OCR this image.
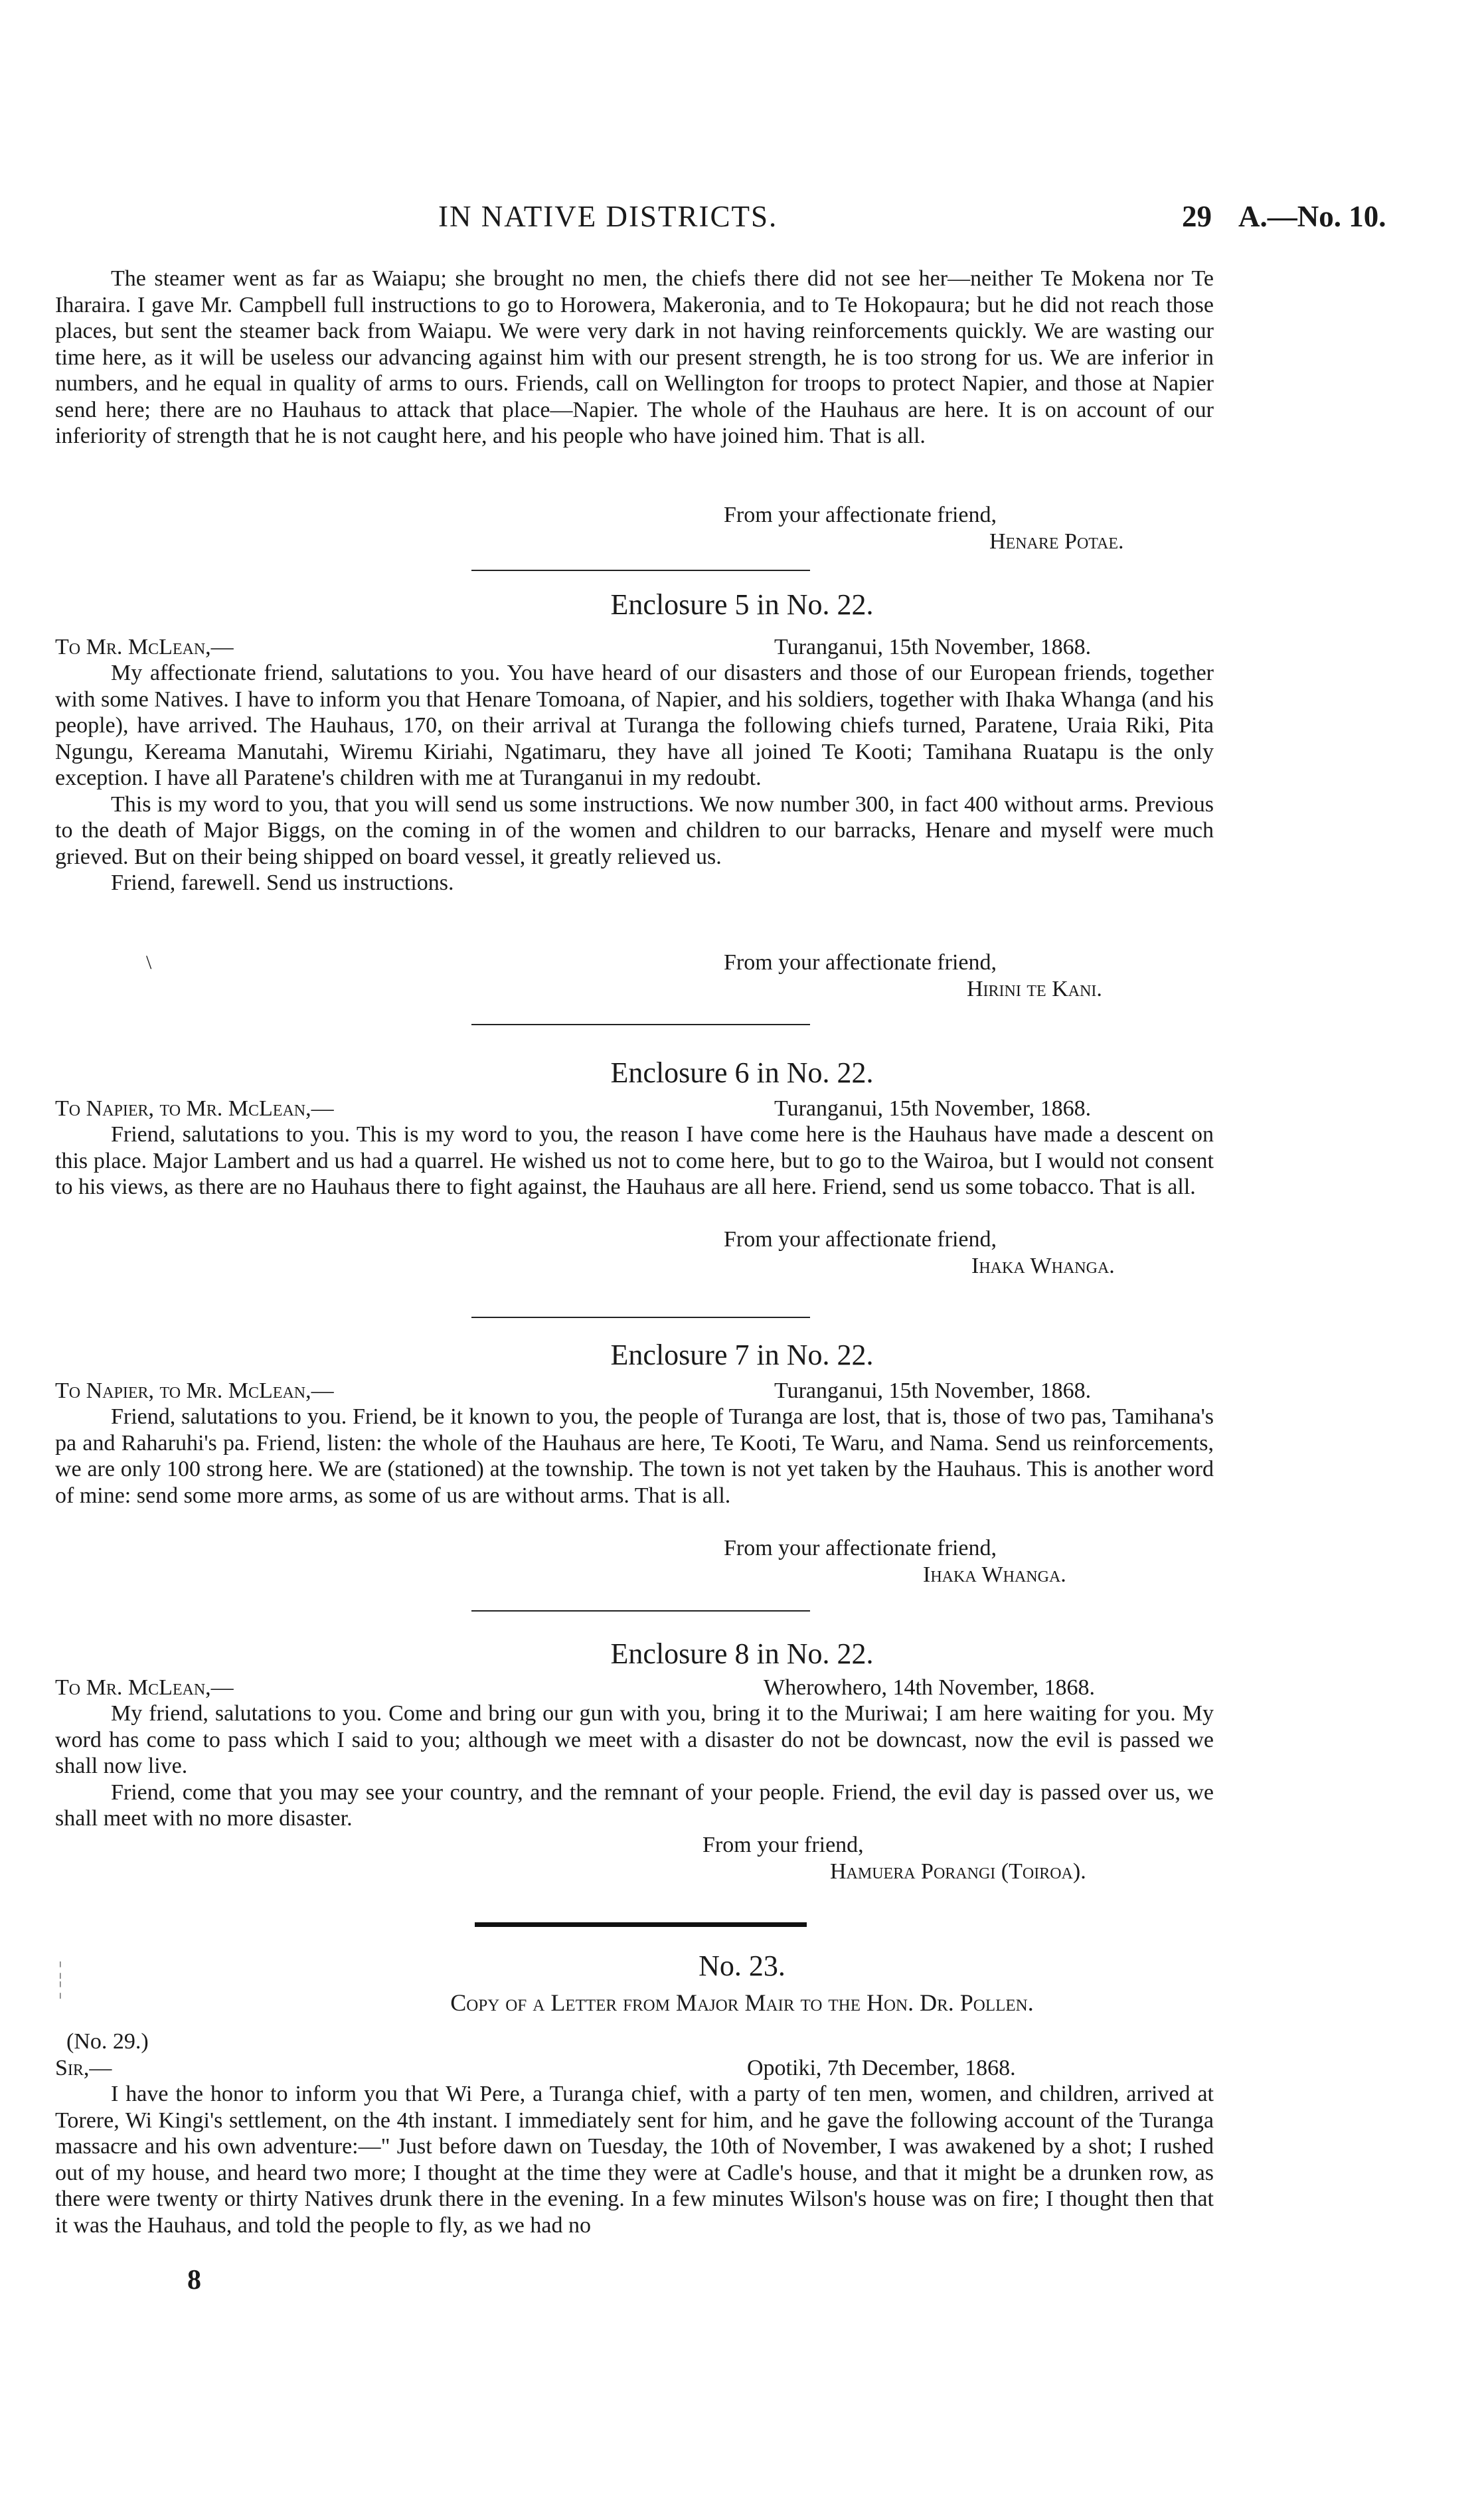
IN NATIVE DISTRICTS.	29 A.—No. 10.

The steamer went as far as Waiapu; she brought no men, the chiefs there did not see her—neither Te Mokena nor Te Iharaira. I gave Mr. Campbell full instructions to go to Horowera, Makeronia, and to Te Hokopaura; but he did not reach those places, but sent the steamer back from Waiapu. We were very dark in not having reinforcements quickly. We are wasting our time here, as it will be useless our advancing against him with our present strength, he is too strong for us. We are inferior in numbers, and he equal in quality of arms to ours. Friends, call on Wellington for troops to protect Napier, and those at Napier send here; there are no Hauhaus to attack that place—Napier. The whole of the Hauhaus are here. It is on account of our inferiority of strength that he is not caught here, and his people who have joined him. That is all.

From your affectionate friend,
Henare Potae.
Enclosure 5 in No. 22.
To Mr. McLean,—	Turanganui, 15th November, 1868.

My affectionate friend, salutations to you. You have heard of our disasters and those of our European friends, together with some Natives. I have to inform you that Henare Tomoana, of Napier, and his soldiers, together with Ihaka Whanga (and his people), have arrived. The Hauhaus, 170, on their arrival at Turanga the following chiefs turned, Paratene, Uraia Riki, Pita Ngungu, Kereama Manutahi, Wiremu Kiriahi, Ngatimaru, they have all joined Te Kooti; Tamihana Ruatapu is the only exception. I have all Paratene's children with me at Turanganui in my redoubt.

This is my word to you, that you will send us some instructions. We now number 300, in fact 400 without arms. Previous to the death of Major Biggs, on the coming in of the women and children to our barracks, Henare and myself were much grieved. But on their being shipped on board vessel, it greatly relieved us.

Friend, farewell. Send us instructions.

\	From your affectionate friend,
Hirini te Kani.
Enclosure 6 in No. 22.
To Napier, to Mr. McLean,—	Turanganui, 15th November, 1868.

Friend, salutations to you. This is my word to you, the reason I have come here is the Hauhaus have made a descent on this place. Major Lambert and us had a quarrel. He wished us not to come here, but to go to the Wairoa, but I would not consent to his views, as there are no Hauhaus there to fight against, the Hauhaus are all here. Friend, send us some tobacco. That is all.

From your affectionate friend,
Ihaka Whanga.
Enclosure 7 in No. 22.
To Napier, to Mr. McLean,—	Turanganui, 15th November, 1868.

Friend, salutations to you. Friend, be it known to you, the people of Turanga are lost, that is, those of two pas, Tamihana's pa and Raharuhi's pa. Friend, listen: the whole of the Hauhaus are here, Te Kooti, Te Waru, and Nama. Send us reinforcements, we are only 100 strong here. We are (stationed) at the township. The town is not yet taken by the Hauhaus. This is another word of mine: send some more arms, as some of us are without arms. That is all.

From your affectionate friend,
Ihaka Whanga.
Enclosure 8 in No. 22.
To Mr. McLean,—	Wherowhero, 14th November, 1868.

My friend, salutations to you. Come and bring our gun with you, bring it to the Muriwai; I am here waiting for you. My word has come to pass which I said to you; although we meet with a disaster do not be downcast, now the evil is passed we shall now live.

Friend, come that you may see your country, and the remnant of your people. Friend, the evil day is passed over us, we shall meet with no more disaster.

From your friend,
Hamuera Porangi (Toiroa).
¦
¦
No. 23.
Copy of a Letter from Major Mair to the Hon. Dr. Pollen.
(No. 29.)
Sir,—	Opotiki, 7th December, 1868.

I have the honor to inform you that Wi Pere, a Turanga chief, with a party of ten men, women, and children, arrived at Torere, Wi Kingi's settlement, on the 4th instant. I immediately sent for him, and he gave the following account of the Turanga massacre and his own adventure:—" Just before dawn on Tuesday, the 10th of November, I was awakened by a shot; I rushed out of my house, and heard two more; I thought at the time they were at Cadle's house, and that it might be a drunken row, as there were twenty or thirty Natives drunk there in the evening. In a few minutes Wilson's house was on fire; I thought then that it was the Hauhaus, and told the people to fly, as we had no

8
